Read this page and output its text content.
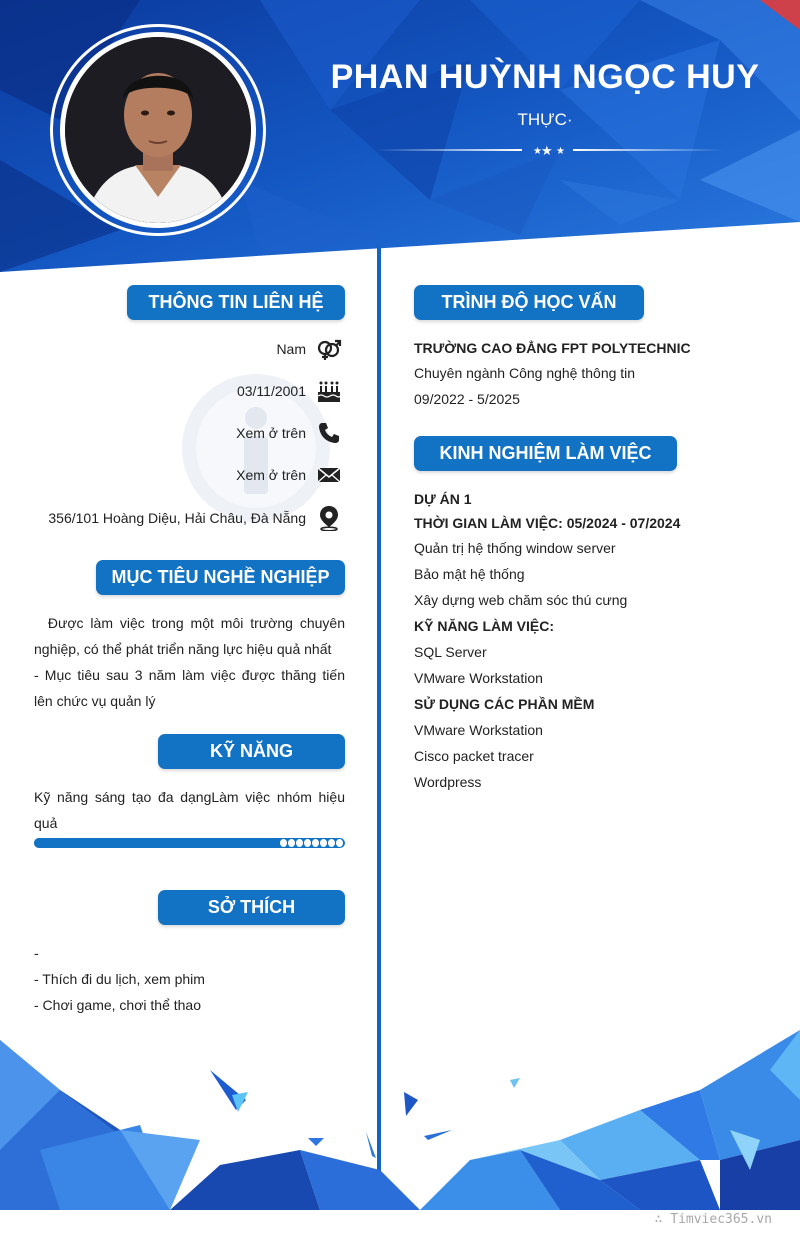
PHAN HUỲNH NGỌC HUY
THỰC·
★ ★ ★
THÔNG TIN LIÊN HỆ
Nam
03/11/2001
Xem ở trên
Xem ở trên
356/101 Hoàng Diệu, Hải Châu, Đà Nẵng
MỤC TIÊU NGHỀ NGHIỆP
Được làm việc trong một môi trường chuyên nghiệp, có thể phát triển năng lực hiệu quả nhất
- Mục tiêu sau 3 năm làm việc được thăng tiến lên chức vụ quản lý
KỸ NĂNG
Kỹ năng sáng tạo đa dạngLàm việc nhóm hiệu quả
SỞ THÍCH
-
- Thích đi du lịch, xem phim
- Chơi game, chơi thể thao
TRÌNH ĐỘ HỌC VẤN
TRƯỜNG CAO ĐẲNG FPT POLYTECHNIC
Chuyên ngành Công nghệ thông tin
09/2022 - 5/2025
KINH NGHIỆM LÀM VIỆC
DỰ ÁN 1
THỜI GIAN LÀM VIỆC: 05/2024 - 07/2024
Quản trị hệ thống window server
Bảo mật hệ thống
Xây dựng web chăm sóc thú cưng
KỸ NĂNG LÀM VIỆC:
SQL Server
VMware Workstation
SỬ DỤNG CÁC PHẦN MỀM
VMware Workstation
Cisco packet tracer
Wordpress
∴ Timviec365.vn
